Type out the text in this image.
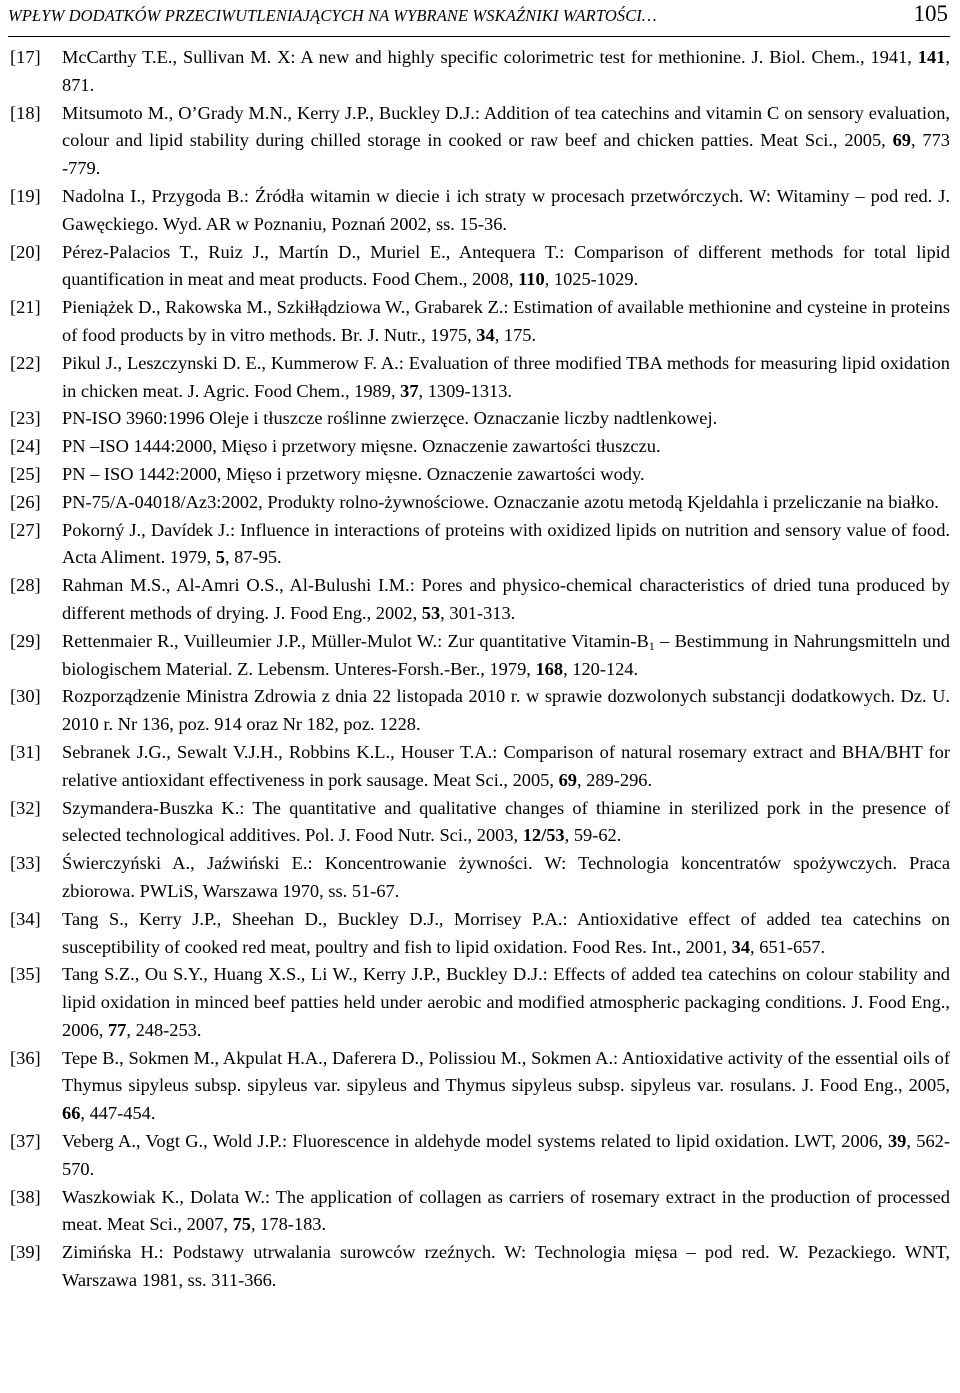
WPŁYW DODATKÓW PRZECIWUTLENIAJĄCYCH NA WYBRANE WSKAŹNIKI WARTOŚCI…	105
[17] McCarthy T.E., Sullivan M. X: A new and highly specific colorimetric test for methionine. J. Biol. Chem., 1941, 141, 871.
[18] Mitsumoto M., O’Grady M.N., Kerry J.P., Buckley D.J.: Addition of tea catechins and vitamin C on sensory evaluation, colour and lipid stability during chilled storage in cooked or raw beef and chicken patties. Meat Sci., 2005, 69, 773 -779.
[19] Nadolna I., Przygoda B.: Źródła witamin w diecie i ich straty w procesach przetwórczych. W: Witaminy – pod red. J. Gawęckiego. Wyd. AR w Poznaniu, Poznań 2002, ss. 15-36.
[20] Pérez-Palacios T., Ruiz J., Martín D., Muriel E., Antequera T.: Comparison of different methods for total lipid quantification in meat and meat products. Food Chem., 2008, 110, 1025-1029.
[21] Pieniążek D., Rakowska M., Szkiłłądziowa W., Grabarek Z.: Estimation of available methionine and cysteine in proteins of food products by in vitro methods. Br. J. Nutr., 1975, 34, 175.
[22] Pikul J., Leszczynski D. E., Kummerow F. A.: Evaluation of three modified TBA methods for measuring lipid oxidation in chicken meat. J. Agric. Food Chem., 1989, 37, 1309-1313.
[23] PN-ISO 3960:1996 Oleje i tłuszcze roślinne zwierzęce. Oznaczanie liczby nadtlenkowej.
[24] PN –ISO 1444:2000, Mięso i przetwory mięsne. Oznaczenie zawartości tłuszczu.
[25] PN – ISO 1442:2000, Mięso i przetwory mięsne. Oznaczenie zawartości wody.
[26] PN-75/A-04018/Az3:2002, Produkty rolno-żywnościowe. Oznaczanie azotu metodą Kjeldahla i przeliczanie na białko.
[27] Pokorný J., Davídek J.: Influence in interactions of proteins with oxidized lipids on nutrition and sensory value of food. Acta Aliment. 1979, 5, 87-95.
[28] Rahman M.S., Al-Amri O.S., Al-Bulushi I.M.: Pores and physico-chemical characteristics of dried tuna produced by different methods of drying. J. Food Eng., 2002, 53, 301-313.
[29] Rettenmaier R., Vuilleumier J.P., Müller-Mulot W.: Zur quantitative Vitamin-$B_1$ – Bestimmung in Nahrungsmitteln und biologischem Material. Z. Lebensm. Unteres-Forsh.-Ber., 1979, 168, 120-124.
[30] Rozporządzenie Ministra Zdrowia z dnia 22 listopada 2010 r. w sprawie dozwolonych substancji dodatkowych. Dz. U. 2010 r. Nr 136, poz. 914 oraz Nr 182, poz. 1228.
[31] Sebranek J.G., Sewalt V.J.H., Robbins K.L., Houser T.A.: Comparison of natural rosemary extract and BHA/BHT for relative antioxidant effectiveness in pork sausage. Meat Sci., 2005, 69, 289-296.
[32] Szymandera-Buszka K.: The quantitative and qualitative changes of thiamine in sterilized pork in the presence of selected technological additives. Pol. J. Food Nutr. Sci., 2003, 12/53, 59-62.
[33] Świerczyński A., Jaźwiński E.: Koncentrowanie żywności. W: Technologia koncentratów spożywczych. Praca zbiorowa. PWLiS, Warszawa 1970, ss. 51-67.
[34] Tang S., Kerry J.P., Sheehan D., Buckley D.J., Morrisey P.A.: Antioxidative effect of added tea catechins on susceptibility of cooked red meat, poultry and fish to lipid oxidation. Food Res. Int., 2001, 34, 651-657.
[35] Tang S.Z., Ou S.Y., Huang X.S., Li W., Kerry J.P., Buckley D.J.: Effects of added tea catechins on colour stability and lipid oxidation in minced beef patties held under aerobic and modified atmospheric packaging conditions. J. Food Eng., 2006, 77, 248-253.
[36] Tepe B., Sokmen M., Akpulat H.A., Daferera D., Polissiou M., Sokmen A.: Antioxidative activity of the essential oils of Thymus sipyleus subsp. sipyleus var. sipyleus and Thymus sipyleus subsp. sipyleus var. rosulans. J. Food Eng., 2005, 66, 447-454.
[37] Veberg A., Vogt G., Wold J.P.: Fluorescence in aldehyde model systems related to lipid oxidation. LWT, 2006, 39, 562-570.
[38] Waszkowiak K., Dolata W.: The application of collagen as carriers of rosemary extract in the production of processed meat. Meat Sci., 2007, 75, 178-183.
[39] Zimińska H.: Podstawy utrwalania surowców rzeźnych. W: Technologia mięsa – pod red. W. Pezackiego. WNT, Warszawa 1981, ss. 311-366.
